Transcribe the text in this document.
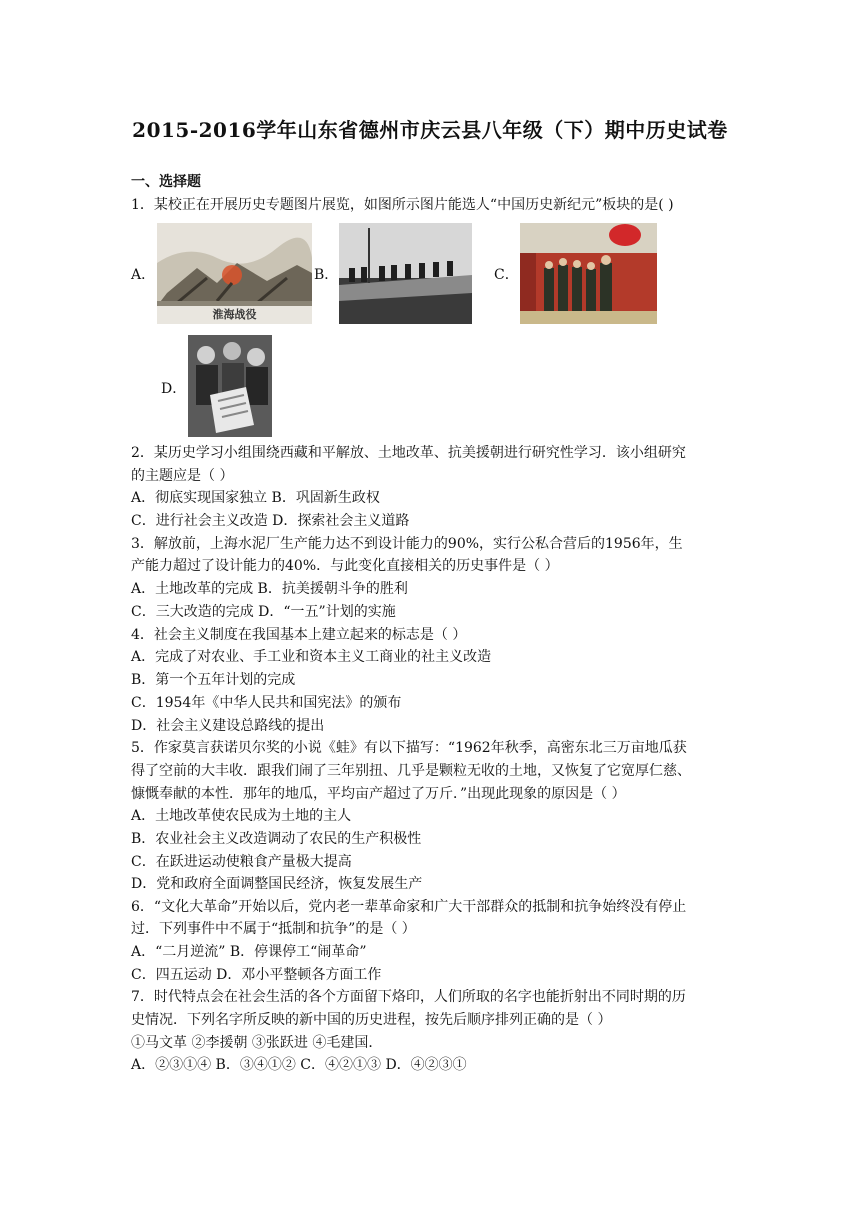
2015-2016学年山东省德州市庆云县八年级（下）期中历史试卷
一、选择题
1．某校正在开展历史专题图片展览，如图所示图片能选人“中国历史新纪元”板块的是( )
A．
淮海战役
B．	C．
D．
2．某历史学习小组围绕西藏和平解放、土地改革、抗美援朝进行研究性学习．该小组研究
的主题应是（ ）
A．彻底实现国家独立 B．巩固新生政权
C．进行社会主义改造 D．探索社会主义道路
3．解放前，上海水泥厂生产能力达不到设计能力的90%，实行公私合营后的1956年，生
产能力超过了设计能力的40%．与此变化直接相关的历史事件是（ ）
A．土地改革的完成 B．抗美援朝斗争的胜利
C．三大改造的完成 D．“一五”计划的实施
4．社会主义制度在我国基本上建立起来的标志是（ ）
A．完成了对农业、手工业和资本主义工商业的社主义改造
B．第一个五年计划的完成
C．1954年《中华人民共和国宪法》的颁布
D．社会主义建设总路线的提出
5．作家莫言获诺贝尔奖的小说《蛙》有以下描写：“1962年秋季，高密东北三万亩地瓜获
得了空前的大丰收．跟我们闹了三年别扭、几乎是颗粒无收的土地，又恢复了它宽厚仁慈、
慷慨奉献的本性．那年的地瓜，平均亩产超过了万斤．”出现此现象的原因是（ ）
A．土地改革使农民成为土地的主人
B．农业社会主义改造调动了农民的生产积极性
C．在跃进运动使粮食产量极大提高
D．党和政府全面调整国民经济，恢复发展生产
6．“文化大革命”开始以后，党内老一辈革命家和广大干部群众的抵制和抗争始终没有停止
过．下列事件中不属于“抵制和抗争”的是（ ）
A．“二月逆流” B．停课停工“闹革命”
C．四五运动 D．邓小平整顿各方面工作
7．时代特点会在社会生活的各个方面留下烙印，人们所取的名字也能折射出不同时期的历
史情况．下列名字所反映的新中国的历史进程，按先后顺序排列正确的是（ ）
①马文革 ②李援朝 ③张跃进 ④毛建国．
A．②③①④ B．③④①② C．④②①③ D．④②③①
